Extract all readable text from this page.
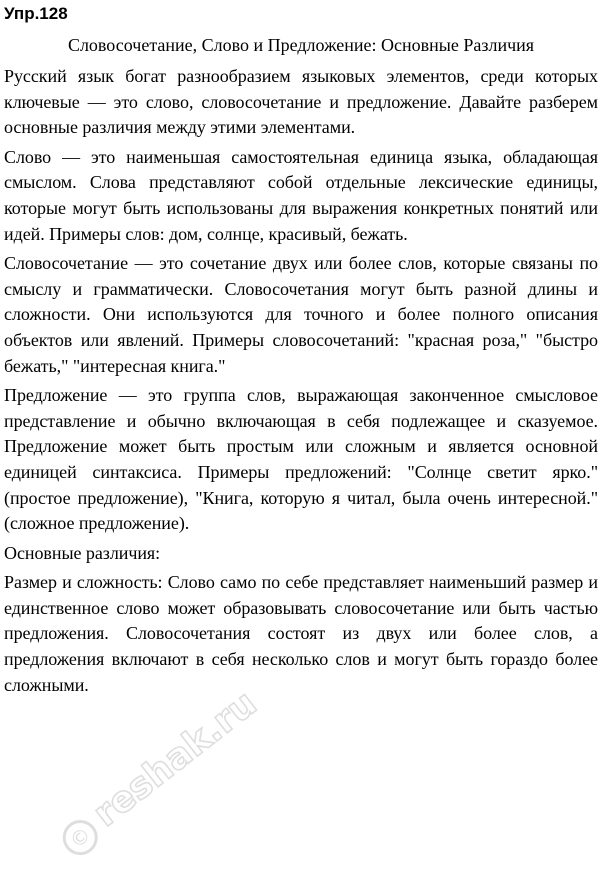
Упр.128
Словосочетание, Слово и Предложение: Основные Различия

Русский язык богат разнообразием языковых элементов, среди которых ключевые — это слово, словосочетание и предложение. Давайте разберем основные различия между этими элементами.

Слово — это наименьшая самостоятельная единица языка, обладающая смыслом. Слова представляют собой отдельные лексические единицы, которые могут быть использованы для выражения конкретных понятий или идей. Примеры слов: дом, солнце, красивый, бежать.

Словосочетание — это сочетание двух или более слов, которые связаны по смыслу и грамматически. Словосочетания могут быть разной длины и сложности. Они используются для точного и более полного описания объектов или явлений. Примеры словосочетаний: "красная роза," "быстро бежать," "интересная книга."

Предложение — это группа слов, выражающая законченное смысловое представление и обычно включающая в себя подлежащее и сказуемое. Предложение может быть простым или сложным и является основной единицей синтаксиса. Примеры предложений: "Солнце светит ярко." (простое предложение), "Книга, которую я читал, была очень интересной." (сложное предложение).

Основные различия:

Размер и сложность: Слово само по себе представляет наименьший размер и единственное слово может образовывать словосочетание или быть частью предложения. Словосочетания состоят из двух или более слов, а предложения включают в себя несколько слов и могут быть гораздо более сложными.

©
reshak.ru
